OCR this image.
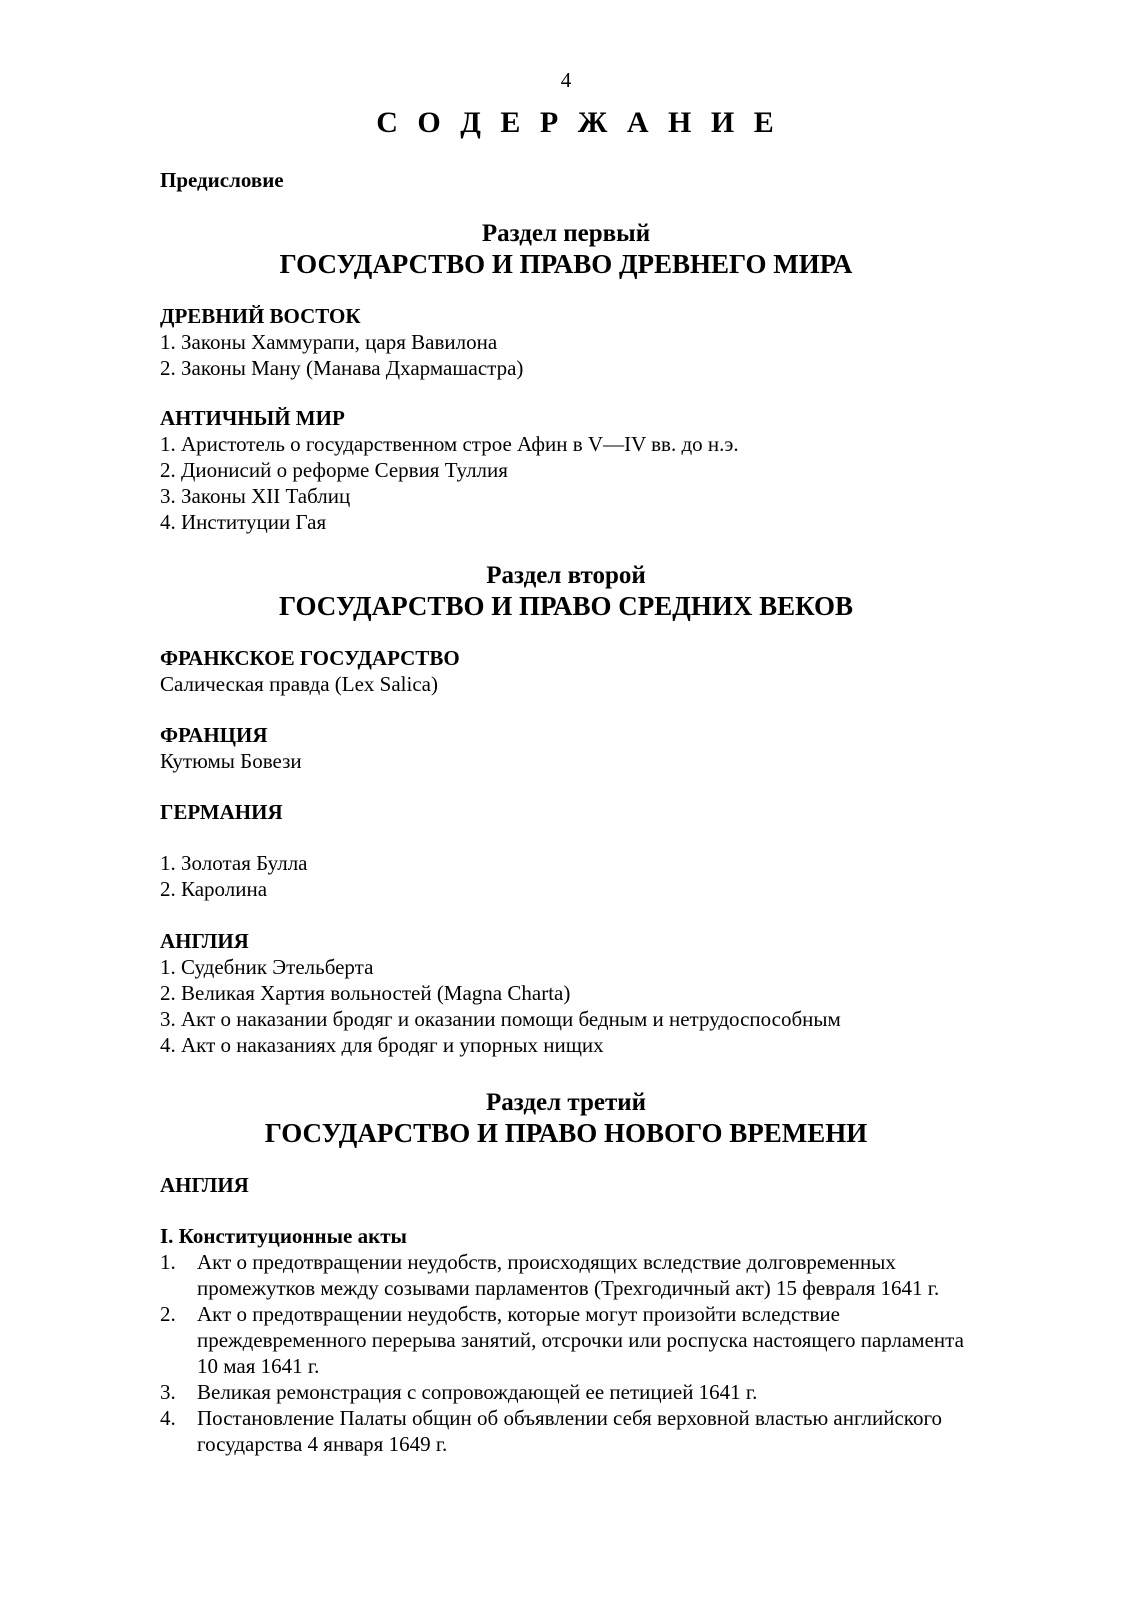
4
С О Д Е Р Ж А Н И Е
Предисловие
Раздел первый
ГОСУДАРСТВО И ПРАВО ДРЕВНЕГО МИРА
ДРЕВНИЙ ВОСТОК
1. Законы Хаммурапи, царя Вавилона
2. Законы Ману (Манава Дхармашастра)
АНТИЧНЫЙ МИР
1. Аристотель о государственном строе Афин в V—IV вв. до н.э.
2. Дионисий о реформе Сервия Туллия
3. Законы XII Таблиц
4. Институции Гая
Раздел второй
ГОСУДАРСТВО И ПРАВО СРЕДНИХ ВЕКОВ
ФРАНКСКОЕ ГОСУДАРСТВО
Салическая правда (Lex Salica)
ФРАНЦИЯ
Кутюмы Бовези
ГЕРМАНИЯ
1. Золотая Булла
2. Каролина
АНГЛИЯ
1. Судебник Этельберта
2. Великая Хартия вольностей (Magna Charta)
3. Акт о наказании бродяг и оказании помощи бедным и нетрудоспособным
4. Акт о наказаниях для бродяг и упорных нищих
Раздел третий
ГОСУДАРСТВО И ПРАВО НОВОГО ВРЕМЕНИ
АНГЛИЯ
I. Конституционные акты
1.	Акт о предотвращении неудобств, происходящих вследствие долговременных
промежутков между созывами парламентов (Трехгодичный акт) 15 февраля 1641 г.
2.	Акт о предотвращении неудобств, которые могут произойти вследствие
преждевременного перерыва занятий, отсрочки или роспуска настоящего парламента
10 мая 1641 г.
3.	Великая ремонстрация с сопровождающей ее петицией 1641 г.
4.	Постановление Палаты общин об объявлении себя верховной властью английского
государства 4 января 1649 г.
